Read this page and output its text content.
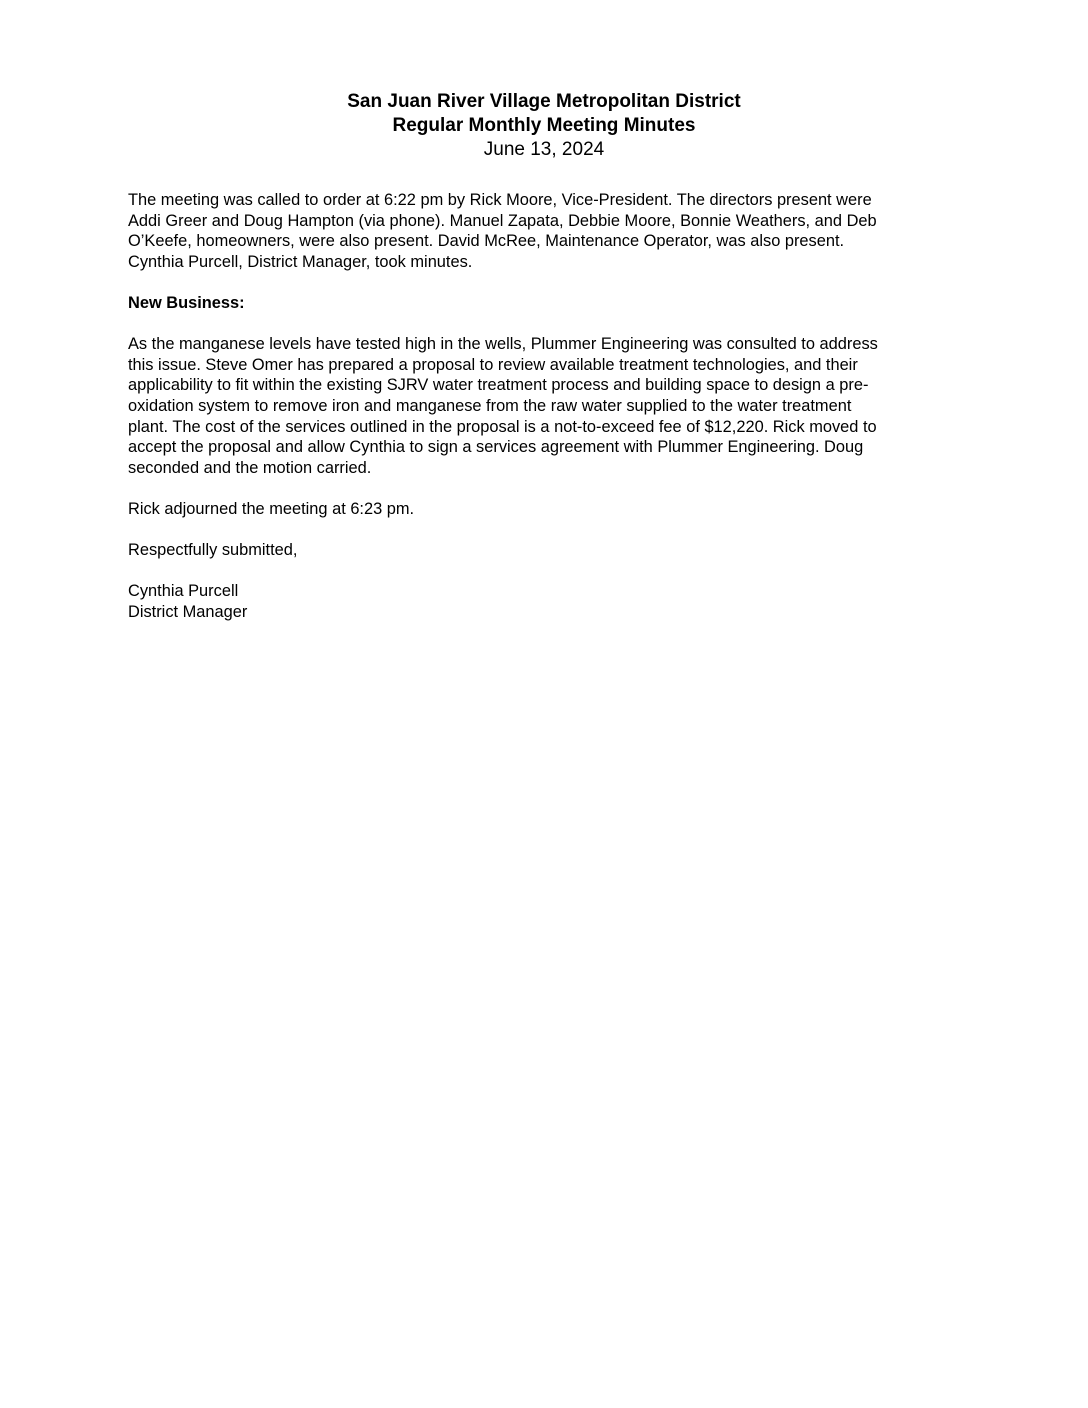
San Juan River Village Metropolitan District
Regular Monthly Meeting Minutes
June 13, 2024

The meeting was called to order at 6:22 pm by Rick Moore, Vice-President. The directors present were
Addi Greer and Doug Hampton (via phone). Manuel Zapata, Debbie Moore, Bonnie Weathers, and Deb
O’Keefe, homeowners, were also present. David McRee, Maintenance Operator, was also present.
Cynthia Purcell, District Manager, took minutes.

New Business:

As the manganese levels have tested high in the wells, Plummer Engineering was consulted to address
this issue. Steve Omer has prepared a proposal to review available treatment technologies, and their
applicability to fit within the existing SJRV water treatment process and building space to design a pre-
oxidation system to remove iron and manganese from the raw water supplied to the water treatment
plant. The cost of the services outlined in the proposal is a not-to-exceed fee of $12,220. Rick moved to
accept the proposal and allow Cynthia to sign a services agreement with Plummer Engineering. Doug
seconded and the motion carried.

Rick adjourned the meeting at 6:23 pm.

Respectfully submitted,

Cynthia Purcell

District Manager
